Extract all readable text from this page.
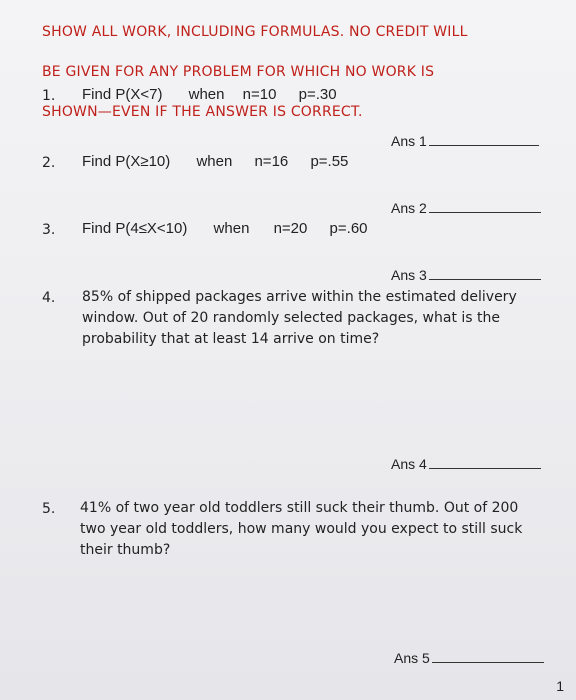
SHOW ALL WORK, INCLUDING FORMULAS. NO CREDIT WILL

BE GIVEN FOR ANY PROBLEM FOR WHICH NO WORK IS

SHOWN—EVEN IF THE ANSWER IS CORRECT.

1. Find P(X<7) when n=10 p=.30
Ans 1
2. Find P(X≥10) when n=16 p=.55
Ans 2
3. Find P(4≤X<10) when n=20 p=.60
Ans 3
4. 85% of shipped packages arrive within the estimated delivery
window. Out of 20 randomly selected packages, what is the
probability that at least 14 arrive on time?
Ans 4
5. 41% of two year old toddlers still suck their thumb. Out of 200
two year old toddlers, how many would you expect to still suck
their thumb?
Ans 5
1
